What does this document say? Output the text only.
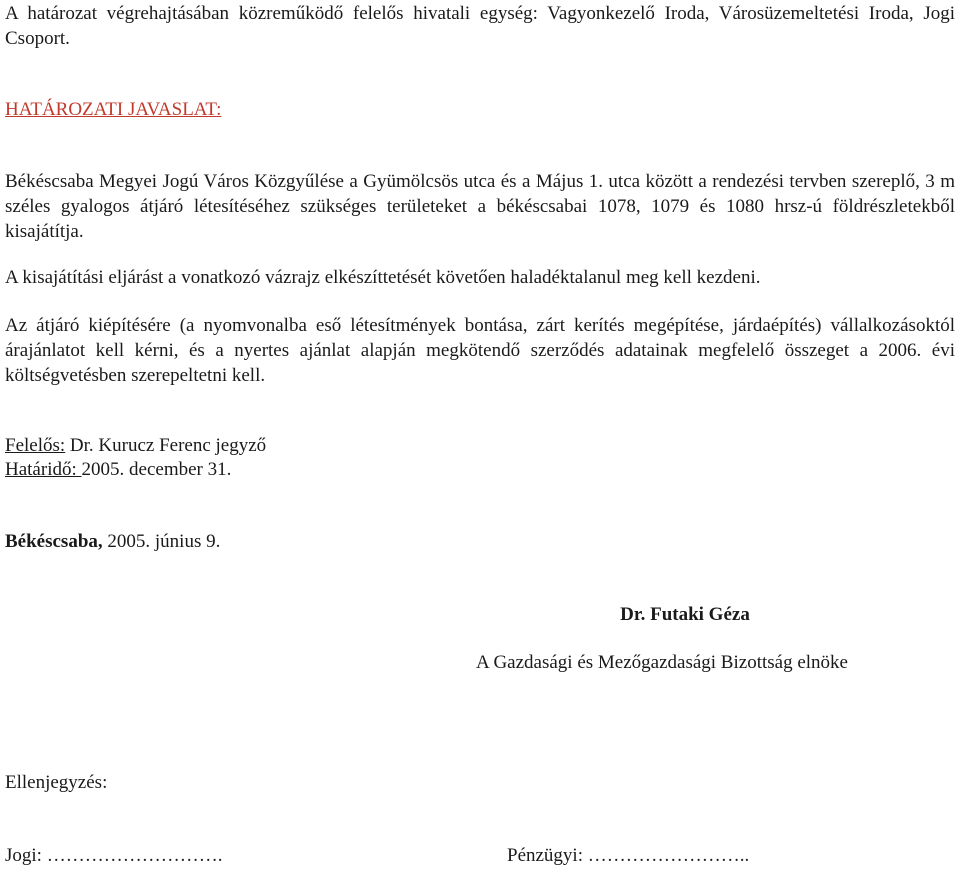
A határozat végrehajtásában közreműködő felelős hivatali egység: Vagyonkezelő Iroda, Városüzemeltetési Iroda, Jogi Csoport.

HATÁROZATI JAVASLAT:

Békéscsaba Megyei Jogú Város Közgyűlése a Gyümölcsös utca és a Május 1. utca között a rendezési tervben szereplő, 3 m széles gyalogos átjáró létesítéséhez szükséges területeket a békéscsabai 1078, 1079 és 1080 hrsz-ú földrészletekből kisajátítja.

A kisajátítási eljárást a vonatkozó vázrajz elkészíttetését követően haladéktalanul meg kell kezdeni.

Az átjáró kiépítésére (a nyomvonalba eső létesítmények bontása, zárt kerítés megépítése, járdaépítés) vállalkozásoktól árajánlatot kell kérni, és a nyertes ajánlat alapján megkötendő szerződés adatainak megfelelő összeget a 2006. évi költségvetésben szerepeltetni kell.

Felelős: Dr. Kurucz Ferenc jegyző

Határidő: 2005. december 31.

Békéscsaba, 2005. június 9.

Dr. Futaki Géza

A Gazdasági és Mezőgazdasági Bizottság elnöke

Ellenjegyzés:

Jogi: ……………………….	Pénzügyi: ……………………..
